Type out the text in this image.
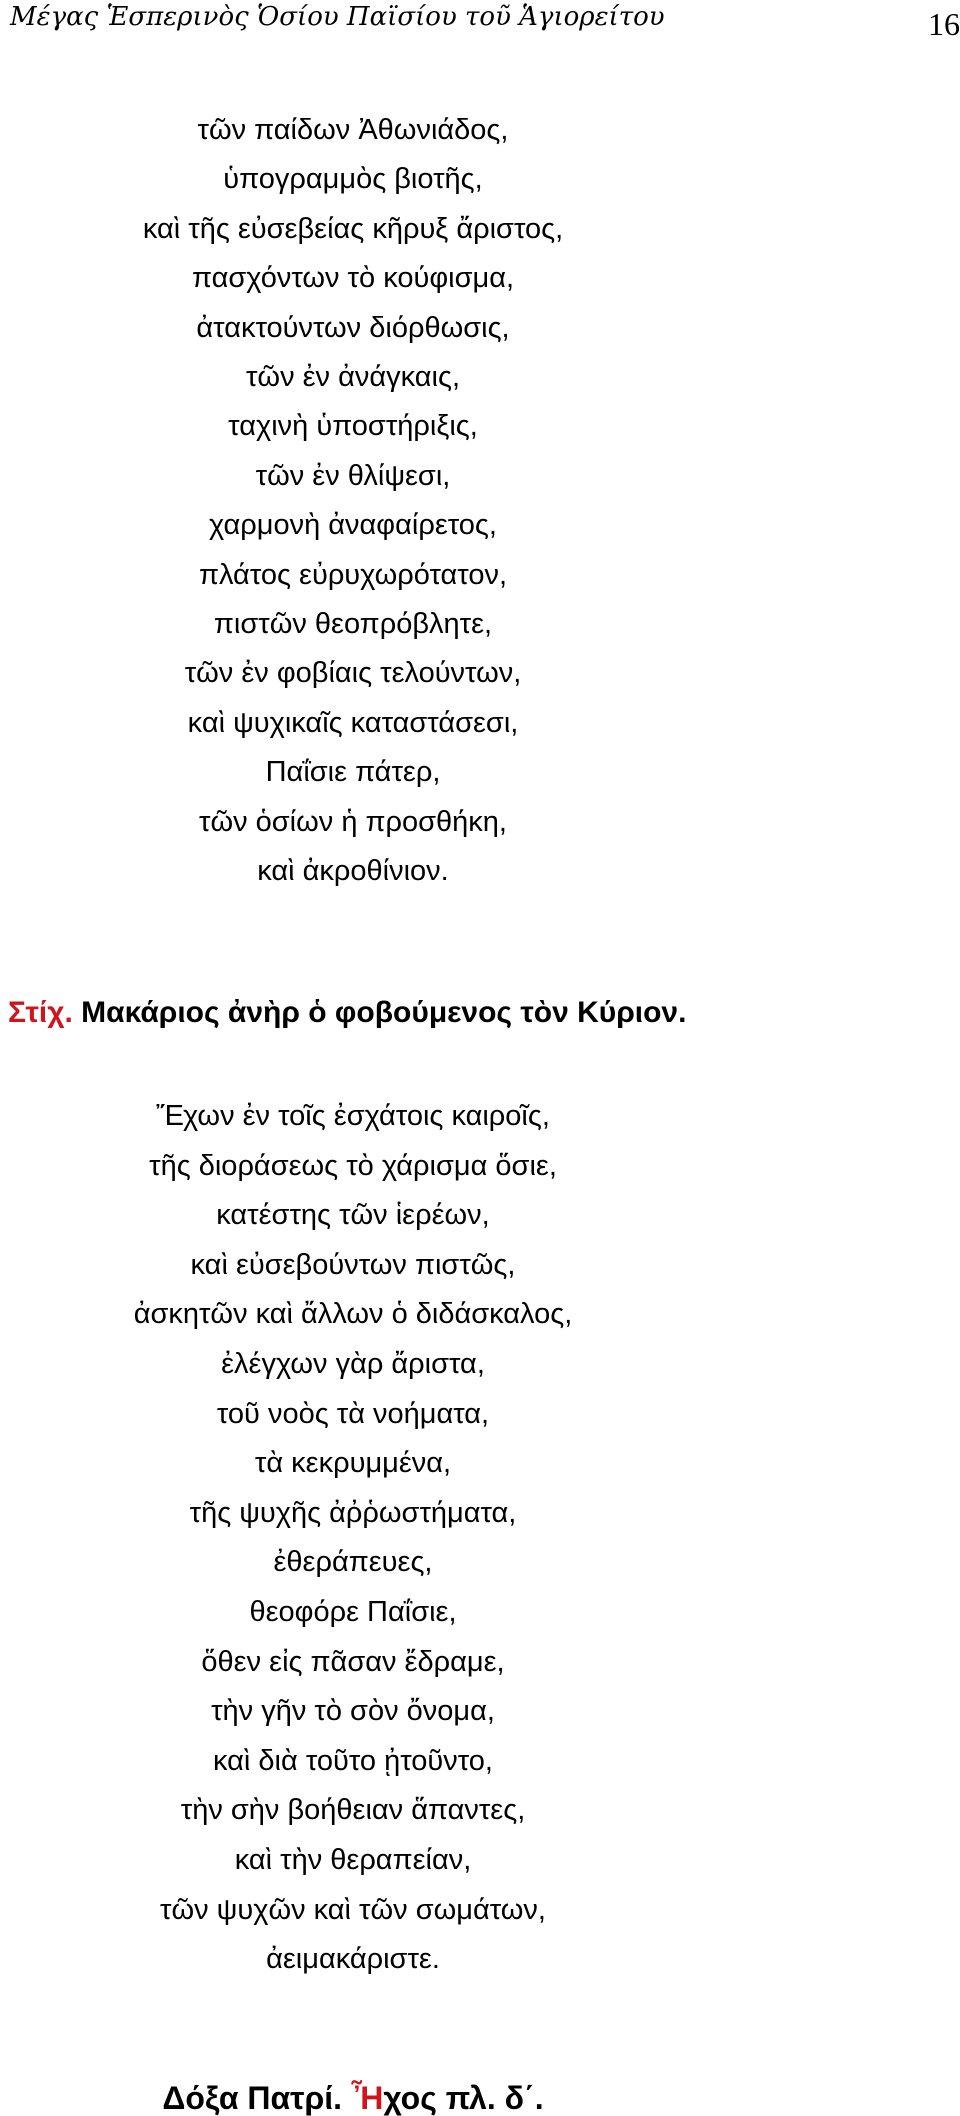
Μέγας Ἑσπερινὸς Ὁσίου Παϊσίου τοῦ Ἁγιορείτου	16
τῶν παίδων Ἀθωνιάδος,
ὑπογραμμὸς βιοτῆς,
καὶ τῆς εὐσεβείας κῆρυξ ἄριστος,
πασχόντων τὸ κούφισμα,
ἀτακτούντων διόρθωσις,
τῶν ἐν ἀνάγκαις,
ταχινὴ ὑποστήριξις,
τῶν ἐν θλίψεσι,
χαρμονὴ ἀναφαίρετος,
πλάτος εὐρυχωρότατον,
πιστῶν θεοπρόβλητε,
τῶν ἐν φοβίαις τελούντων,
καὶ ψυχικαῖς καταστάσεσι,
Παΐσιε πάτερ,
τῶν ὁσίων ἡ προσθήκη,
καὶ ἀκροθίνιον.
Στίχ. Μακάριος ἀνὴρ ὁ φοβούμενος τὸν Κύριον.
Ἔχων ἐν τοῖς ἐσχάτοις καιροῖς,
τῆς διοράσεως τὸ χάρισμα ὅσιε,
κατέστης τῶν ἱερέων,
καὶ εὐσεβούντων πιστῶς,
ἀσκητῶν καὶ ἄλλων ὁ διδάσκαλος,
ἐλέγχων γὰρ ἄριστα,
τοῦ νοὸς τὰ νοήματα,
τὰ κεκρυμμένα,
τῆς ψυχῆς ἀῤῥωστήματα,
ἐθεράπευες,
θεοφόρε Παΐσιε,
ὅθεν εἰς πᾶσαν ἔδραμε,
τὴν γῆν τὸ σὸν ὄνομα,
καὶ διὰ τοῦτο ᾐτοῦντο,
τὴν σὴν βοήθειαν ἅπαντες,
καὶ τὴν θεραπείαν,
τῶν ψυχῶν καὶ τῶν σωμάτων,
ἀειμακάριστε.
Δόξα Πατρί. Ἦχος πλ. δ΄.
